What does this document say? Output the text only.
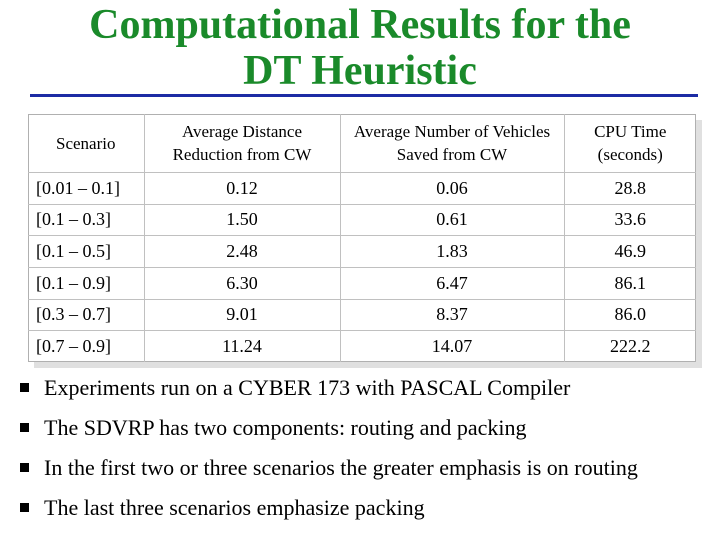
Computational Results for the
DT Heuristic
Scenario	Average Distance Reduction from CW	Average Number of Vehicles Saved from CW	CPU Time (seconds)
[0.01 – 0.1]	0.12	0.06	28.8
[0.1 – 0.3]	1.50	0.61	33.6
[0.1 – 0.5]	2.48	1.83	46.9
[0.1 – 0.9]	6.30	6.47	86.1
[0.3 – 0.7]	9.01	8.37	86.0
[0.7 – 0.9]	11.24	14.07	222.2
Experiments run on a CYBER 173 with PASCAL Compiler
The SDVRP has two components: routing and packing
In the first two or three scenarios the greater emphasis is on routing
The last three scenarios emphasize packing
